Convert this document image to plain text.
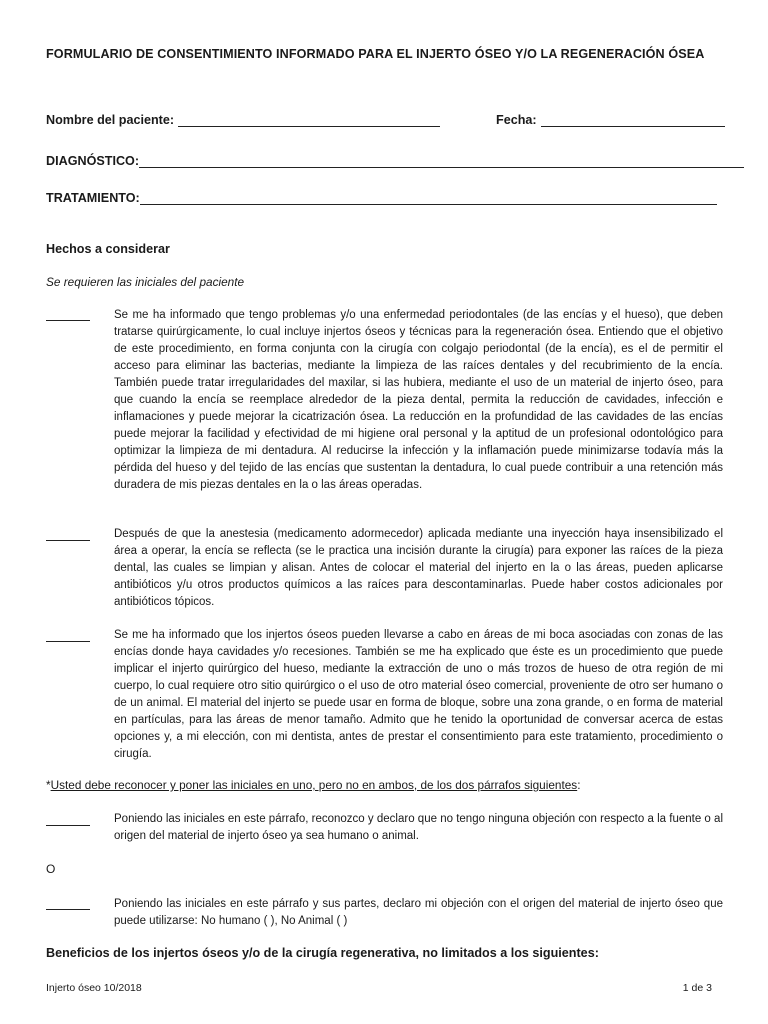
FORMULARIO DE CONSENTIMIENTO INFORMADO PARA EL INJERTO ÓSEO Y/O LA REGENERACIÓN ÓSEA
Nombre del paciente:	Fecha:
DIAGNÓSTICO:
TRATAMIENTO:
Hechos a considerar
Se requieren las iniciales del paciente
Se me ha informado que tengo problemas y/o una enfermedad periodontales (de las encías y el hueso), que deben tratarse quirúrgicamente, lo cual incluye injertos óseos y técnicas para la regeneración ósea. Entiendo que el objetivo de este procedimiento, en forma conjunta con la cirugía con colgajo periodontal (de la encía), es el de permitir el acceso para eliminar las bacterias, mediante la limpieza de las raíces dentales y del recubrimiento de la encía. También puede tratar irregularidades del maxilar, si las hubiera, mediante el uso de un material de injerto óseo, para que cuando la encía se reemplace alrededor de la pieza dental, permita la reducción de cavidades, infección e inflamaciones y puede mejorar la cicatrización ósea. La reducción en la profundidad de las cavidades de las encías puede mejorar la facilidad y efectividad de mi higiene oral personal y la aptitud de un profesional odontológico para optimizar la limpieza de mi dentadura. Al reducirse la infección y la inflamación puede minimizarse todavía más la pérdida del hueso y del tejido de las encías que sustentan la dentadura, lo cual puede contribuir a una retención más duradera de mis piezas dentales en la o las áreas operadas.
Después de que la anestesia (medicamento adormecedor) aplicada mediante una inyección haya insensibilizado el área a operar, la encía se reflecta (se le practica una incisión durante la cirugía) para exponer las raíces de la pieza dental, las cuales se limpian y alisan. Antes de colocar el material del injerto en la o las áreas, pueden aplicarse antibióticos y/u otros productos químicos a las raíces para descontaminarlas. Puede haber costos adicionales por antibióticos tópicos.
Se me ha informado que los injertos óseos pueden llevarse a cabo en áreas de mi boca asociadas con zonas de las encías donde haya cavidades y/o recesiones. También se me ha explicado que éste es un procedimiento que puede implicar el injerto quirúrgico del hueso, mediante la extracción de uno o más trozos de hueso de otra región de mi cuerpo, lo cual requiere otro sitio quirúrgico o el uso de otro material óseo comercial, proveniente de otro ser humano o de un animal. El material del injerto se puede usar en forma de bloque, sobre una zona grande, o en forma de material en partículas, para las áreas de menor tamaño. Admito que he tenido la oportunidad de conversar acerca de estas opciones y, a mi elección, con mi dentista, antes de prestar el consentimiento para este tratamiento, procedimiento o cirugía.
*Usted debe reconocer y poner las iniciales en uno, pero no en ambos, de los dos párrafos siguientes:
Poniendo las iniciales en este párrafo, reconozco y declaro que no tengo ninguna objeción con respecto a la fuente o al origen del material de injerto óseo ya sea humano o animal.
O
Poniendo las iniciales en este párrafo y sus partes, declaro mi objeción con el origen del material de injerto óseo que puede utilizarse: No humano ( ), No Animal ( )
Beneficios de los injertos óseos y/o de la cirugía regenerativa, no limitados a los siguientes:
Injerto óseo 10/2018	1 de 3
